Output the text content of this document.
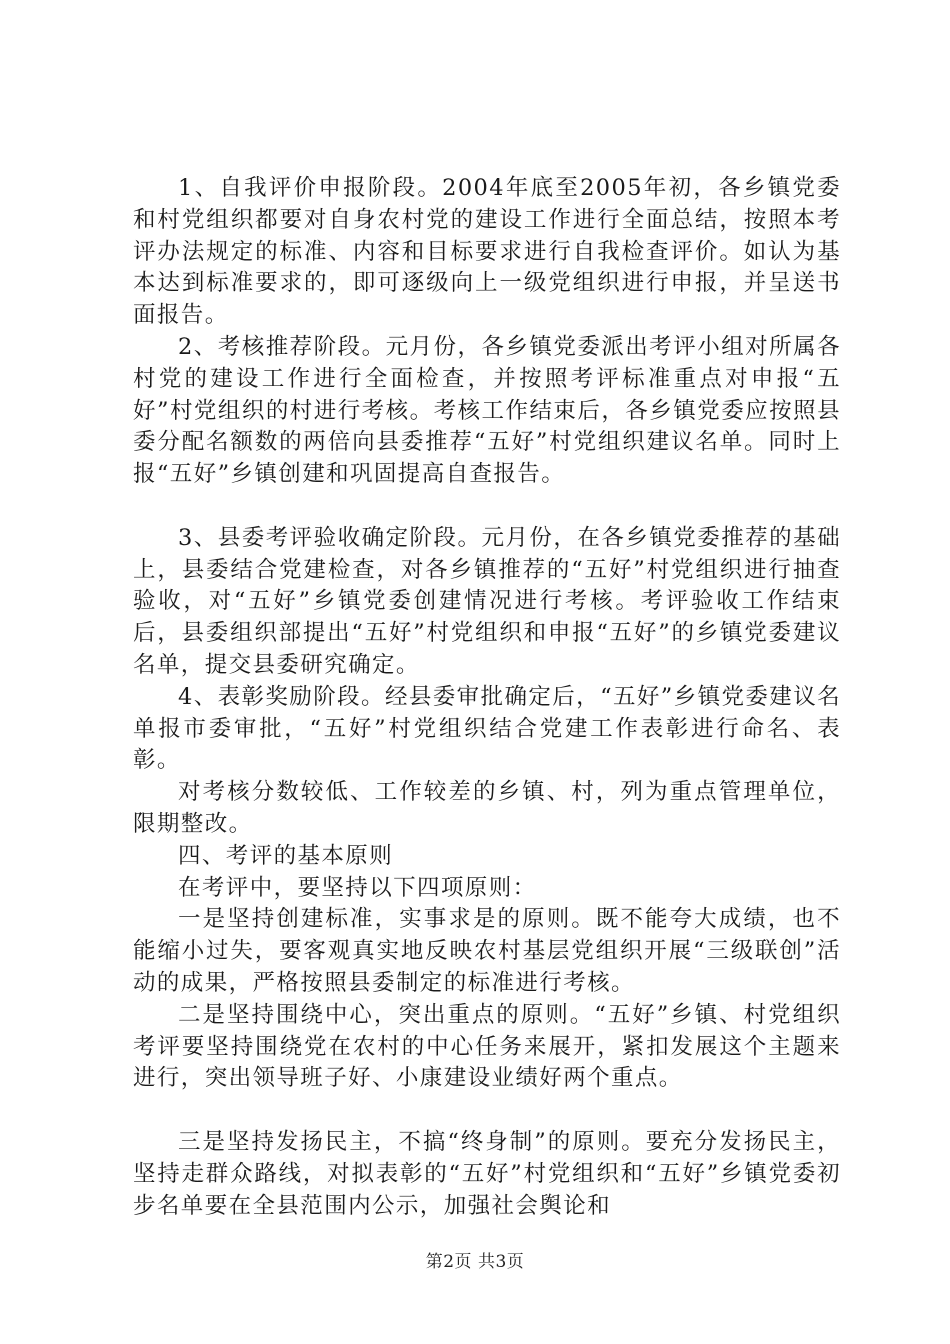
1、自我评价申报阶段。2004年底至2005年初，各乡镇党委和村党组织都要对自身农村党的建设工作进行全面总结，按照本考评办法规定的标准、内容和目标要求进行自我检查评价。如认为基本达到标准要求的，即可逐级向上一级党组织进行申报，并呈送书面报告。

2、考核推荐阶段。元月份，各乡镇党委派出考评小组对所属各村党的建设工作进行全面检查，并按照考评标准重点对申报“五好”村党组织的村进行考核。考核工作结束后，各乡镇党委应按照县委分配名额数的两倍向县委推荐“五好”村党组织建议名单。同时上报“五好”乡镇创建和巩固提高自查报告。

3、县委考评验收确定阶段。元月份，在各乡镇党委推荐的基础上，县委结合党建检查，对各乡镇推荐的“五好”村党组织进行抽查验收，对“五好”乡镇党委创建情况进行考核。考评验收工作结束后，县委组织部提出“五好”村党组织和申报“五好”的乡镇党委建议名单，提交县委研究确定。

4、表彰奖励阶段。经县委审批确定后，“五好”乡镇党委建议名单报市委审批，“五好”村党组织结合党建工作表彰进行命名、表彰。

对考核分数较低、工作较差的乡镇、村，列为重点管理单位，限期整改。

四、考评的基本原则

在考评中，要坚持以下四项原则：

一是坚持创建标准，实事求是的原则。既不能夸大成绩，也不能缩小过失，要客观真实地反映农村基层党组织开展“三级联创”活动的成果，严格按照县委制定的标准进行考核。

二是坚持围绕中心，突出重点的原则。“五好”乡镇、村党组织考评要坚持围绕党在农村的中心任务来展开，紧扣发展这个主题来进行，突出领导班子好、小康建设业绩好两个重点。

三是坚持发扬民主，不搞“终身制”的原则。要充分发扬民主，坚持走群众路线，对拟表彰的“五好”村党组织和“五好”乡镇党委初步名单要在全县范围内公示，加强社会舆论和

第2页 共3页
